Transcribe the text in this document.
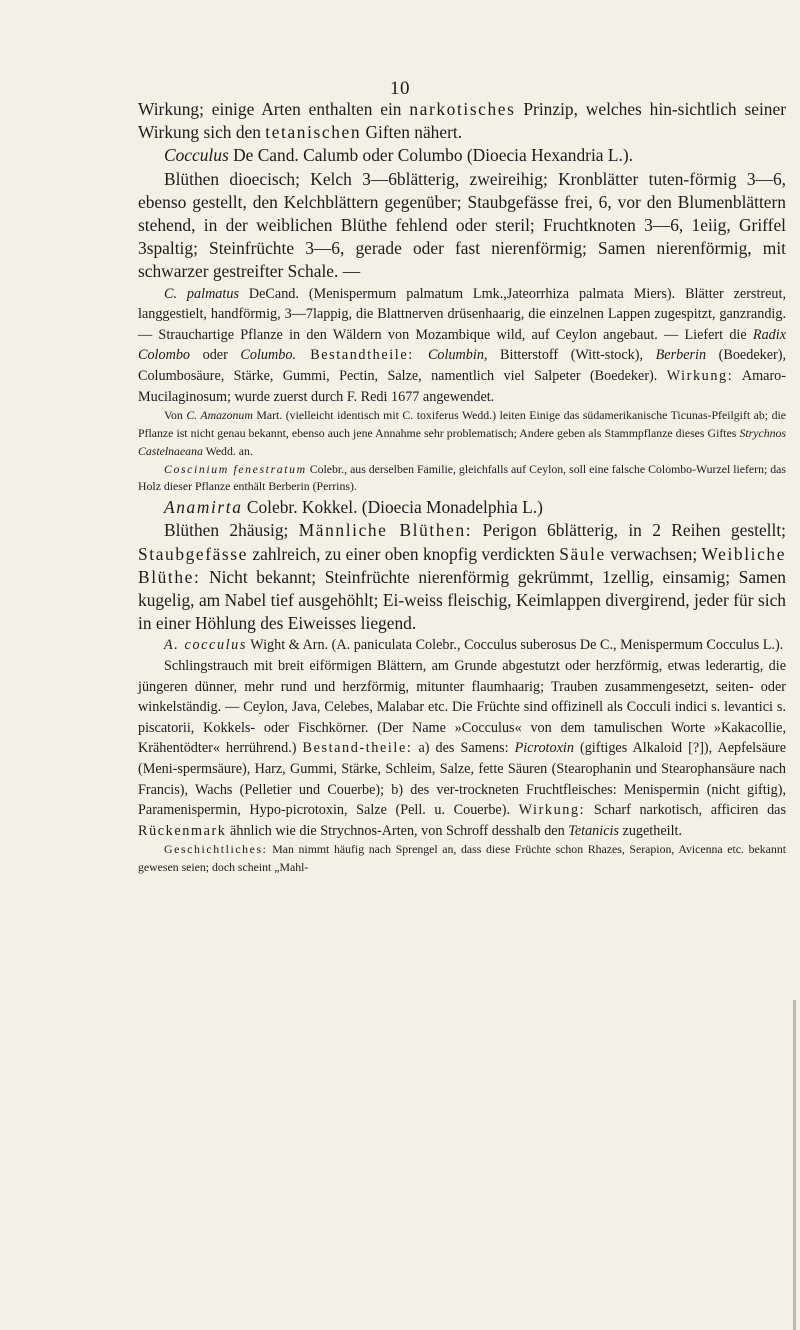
10

Wirkung; einige Arten enthalten ein narkotisches Prinzip, welches hin-sichtlich seiner Wirkung sich den tetanischen Giften nähert.

Cocculus De Cand. Calumb oder Columbo (Dioecia Hexandria L.).

Blüthen dioecisch; Kelch 3—6blätterig, zweireihig; Kronblätter tuten-förmig 3—6, ebenso gestellt, den Kelchblättern gegenüber; Staubgefässe frei, 6, vor den Blumenblättern stehend, in der weiblichen Blüthe fehlend oder steril; Fruchtknoten 3—6, 1eiig, Griffel 3spaltig; Steinfrüchte 3—6, gerade oder fast nierenförmig; Samen nierenförmig, mit schwarzer gestreifter Schale. —

C. palmatus DeCand. (Menispermum palmatum Lmk.,Jateorrhiza palmata Miers). Blätter zerstreut, langgestielt, handförmig, 3—7lappig, die Blattnerven drüsenhaarig, die einzelnen Lappen zugespitzt, ganzrandig. — Strauchartige Pflanze in den Wäldern von Mozambique wild, auf Ceylon angebaut. — Liefert die Radix Colombo oder Columbo. Bestandtheile: Columbin, Bitterstoff (Witt-stock), Berberin (Boedeker), Columbosäure, Stärke, Gummi, Pectin, Salze, namentlich viel Salpeter (Boedeker). Wirkung: Amaro-Mucilaginosum; wurde zuerst durch F. Redi 1677 angewendet.

Von C. Amazonum Mart. (vielleicht identisch mit C. toxiferus Wedd.) leiten Einige das südamerikanische Ticunas-Pfeilgift ab; die Pflanze ist nicht genau bekannt, ebenso auch jene Annahme sehr problematisch; Andere geben als Stammpflanze dieses Giftes Strychnos Castelnaeana Wedd. an.

Coscinium fenestratum Colebr., aus derselben Familie, gleichfalls auf Ceylon, soll eine falsche Colombo-Wurzel liefern; das Holz dieser Pflanze enthält Berberin (Perrins).

Anamirta Colebr. Kokkel. (Dioecia Monadelphia L.)

Blüthen 2häusig; Männliche Blüthen: Perigon 6blätterig, in 2 Reihen gestellt; Staubgefässe zahlreich, zu einer oben knopfig verdickten Säule verwachsen; Weibliche Blüthe: Nicht bekannt; Steinfrüchte nierenförmig gekrümmt, 1zellig, einsamig; Samen kugelig, am Nabel tief ausgehöhlt; Ei-weiss fleischig, Keimlappen divergirend, jeder für sich in einer Höhlung des Eiweisses liegend.

A. cocculus Wight & Arn. (A. paniculata Colebr., Cocculus suberosus De C., Menispermum Cocculus L.).

Schlingstrauch mit breit eiförmigen Blättern, am Grunde abgestutzt oder herzförmig, etwas lederartig, die jüngeren dünner, mehr rund und herzförmig, mitunter flaumhaarig; Trauben zusammengesetzt, seiten- oder winkelständig. — Ceylon, Java, Celebes, Malabar etc. Die Früchte sind offizinell als Cocculi indici s. levantici s. piscatorii, Kokkels- oder Fischkörner. (Der Name »Cocculus« von dem tamulischen Worte »Kakacollie, Krähentödter« herrührend.) Bestand-theile: a) des Samens: Picrotoxin (giftiges Alkaloid [?]), Aepfelsäure (Meni-spermsäure), Harz, Gummi, Stärke, Schleim, Salze, fette Säuren (Stearophanin und Stearophansäure nach Francis), Wachs (Pelletier und Couerbe); b) des ver-trockneten Fruchtfleisches: Menispermin (nicht giftig), Paramenispermin, Hypo-picrotoxin, Salze (Pell. u. Couerbe). Wirkung: Scharf narkotisch, afficiren das Rückenmark ähnlich wie die Strychnos-Arten, von Schroff desshalb den Tetanicis zugetheilt.

Geschichtliches: Man nimmt häufig nach Sprengel an, dass diese Früchte schon Rhazes, Serapion, Avicenna etc. bekannt gewesen seien; doch scheint „Mahl-
